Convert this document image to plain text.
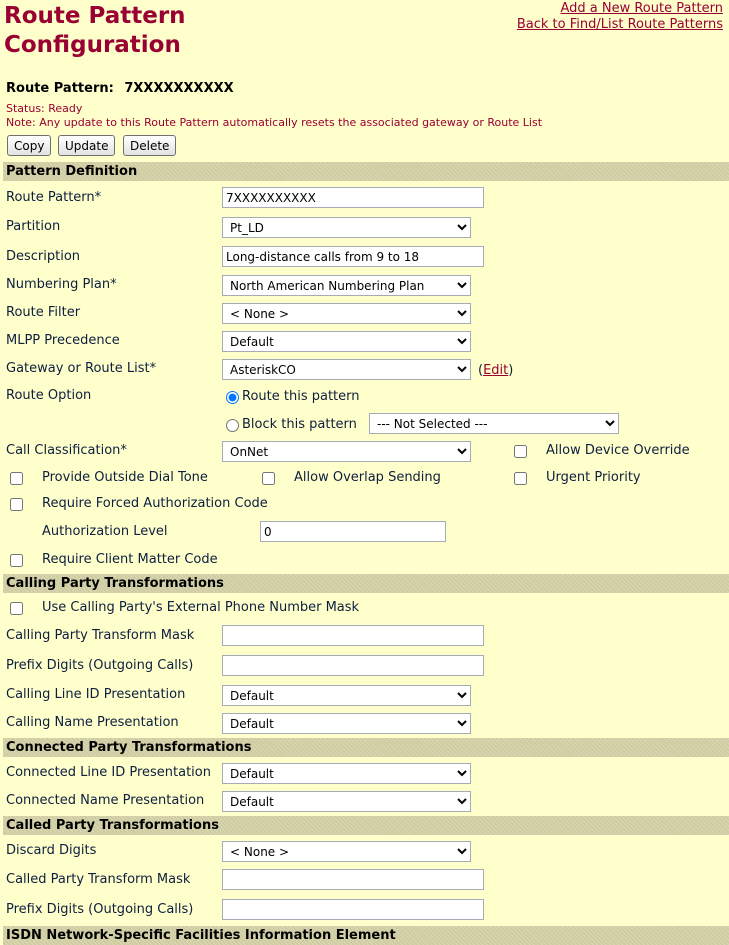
Route Pattern
Configuration
Add a New Route Pattern
Back to Find/List Route Patterns
Route Pattern: 7XXXXXXXXXX
Status: Ready
Note: Any update to this Route Pattern automatically resets the associated gateway or Route List
Copy	Update	Delete
Pattern Definition
Route Pattern*
7XXXXXXXXXX
Partition
Pt_LD
Description
Long-distance calls from 9 to 18
Numbering Plan*
North American Numbering Plan
Route Filter
< None >
MLPP Precedence
Default
Gateway or Route List*
AsteriskCO	(Edit)
Route Option	Route this pattern
Block this pattern
--- Not Selected ---
Call Classification*
OnNet	Allow Device Override
Provide Outside Dial Tone	Allow Overlap Sending	Urgent Priority
Require Forced Authorization Code
Authorization Level
0
Require Client Matter Code
Calling Party Transformations
Use Calling Party's External Phone Number Mask
Calling Party Transform Mask
Prefix Digits (Outgoing Calls)
Calling Line ID Presentation
Default
Calling Name Presentation
Default
Connected Party Transformations
Connected Line ID Presentation
Default
Connected Name Presentation
Default
Called Party Transformations
Discard Digits
< None >
Called Party Transform Mask
Prefix Digits (Outgoing Calls)
ISDN Network-Specific Facilities Information Element
